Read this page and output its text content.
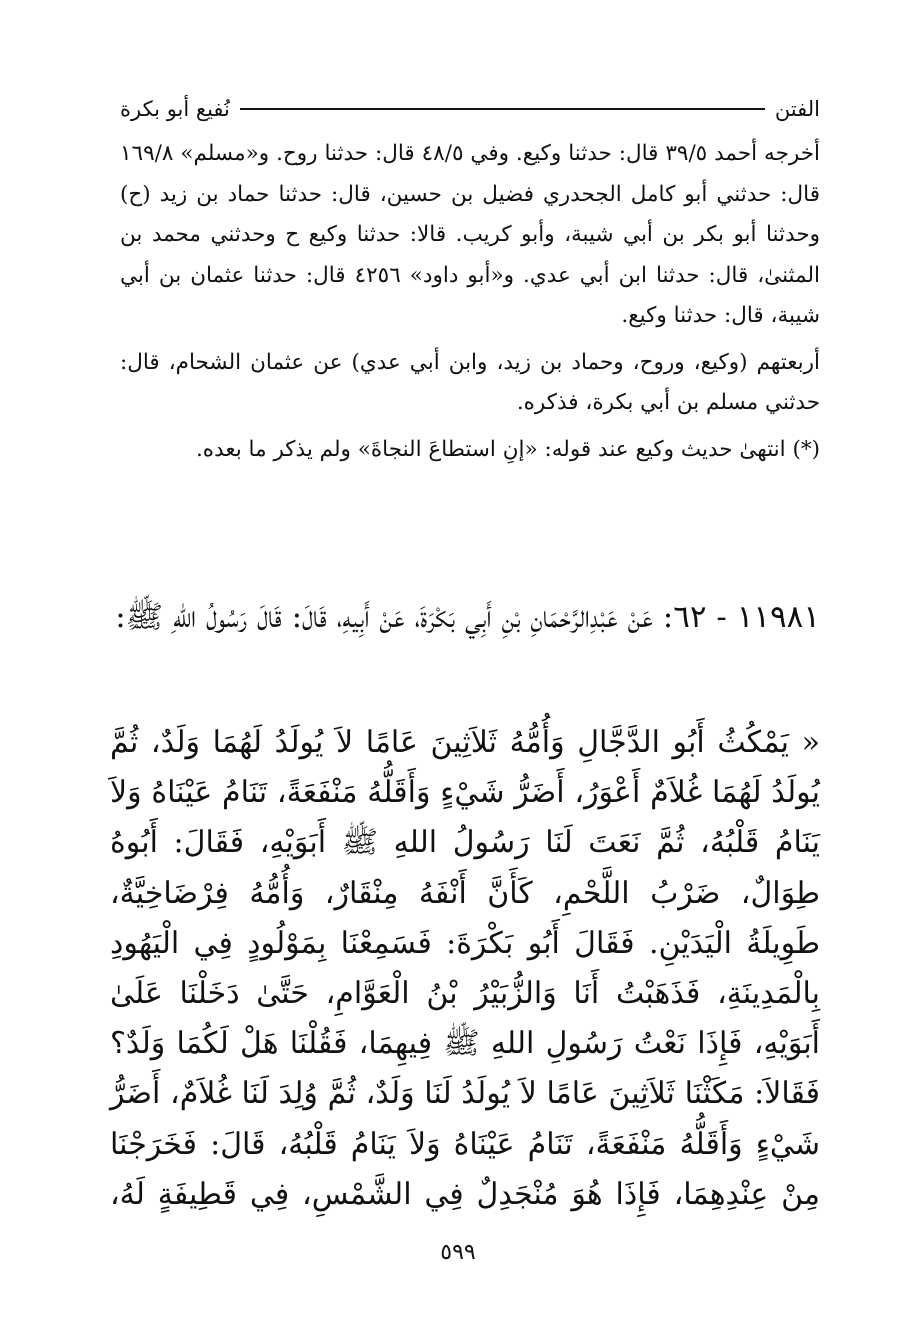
الفتن
نُفيع أبو بكرة

أخرجه أحمد ٣٩/٥ قال: حدثنا وكيع. وفي ٤٨/٥ قال: حدثنا روح. و«مسلم» ١٦٩/٨ قال: حدثني أبو كامل الجحدري فضيل بن حسين، قال: حدثنا حماد بن زيد (ح) وحدثنا أبو بكر بن أبي شيبة، وأبو كريب. قالا: حدثنا وكيع ح وحدثني محمد بن المثنىٰ، قال: حدثنا ابن أبي عدي. و«أبو داود» ٤٢٥٦ قال: حدثنا عثمان بن أبي شيبة، قال: حدثنا وكيع.

أربعتهم (وكيع، وروح، وحماد بن زيد، وابن أبي عدي) عن عثمان الشحام، قال: حدثني مسلم بن أبي بكرة، فذكره.

(*) انتهىٰ حديث وكيع عند قوله: «إنِ استطاعَ النجاةَ» ولم يذكر ما بعده.

١١٩٨١ - ٦٢: عَنْ عَبْدِالرَّحْمَانِ بْنِ أَبِي بَكْرَةَ، عَنْ أَبِيهِ، قَالَ: قَالَ رَسُولُ اللهِ ﷺ:

« يَمْكُثُ أَبُو الدَّجَّالِ وَأُمُّهُ ثَلاَثِينَ عَامًا لاَ يُولَدُ لَهُمَا وَلَدٌ، ثُمَّ يُولَدُ لَهُمَا غُلاَمٌ أَعْوَرُ، أَضَرُّ شَيْءٍ وَأَقَلُّهُ مَنْفَعَةً، تَنَامُ عَيْنَاهُ وَلاَ يَنَامُ قَلْبُهُ، ثُمَّ نَعَتَ لَنَا رَسُولُ اللهِ ﷺ أَبَوَيْهِ، فَقَالَ: أَبُوهُ طِوَالٌ، ضَرْبُ اللَّحْمِ، كَأَنَّ أَنْفَهُ مِنْقَارٌ، وَأُمُّهُ فِرْضَاخِيَّةٌ، طَوِيلَةُ الْيَدَيْنِ. فَقَالَ أَبُو بَكْرَةَ: فَسَمِعْنَا بِمَوْلُودٍ فِي الْيَهُودِ بِالْمَدِينَةِ، فَذَهَبْتُ أَنَا وَالزُّبَيْرُ بْنُ الْعَوَّامِ، حَتَّىٰ دَخَلْنَا عَلَىٰ أَبَوَيْهِ، فَإِذَا نَعْتُ رَسُولِ اللهِ ﷺ فِيهِمَا، فَقُلْنَا هَلْ لَكُمَا وَلَدٌ؟ فَقَالاَ: مَكَثْنَا ثَلاَثِينَ عَامًا لاَ يُولَدُ لَنَا وَلَدٌ، ثُمَّ وُلِدَ لَنَا غُلاَمٌ، أَضَرُّ شَيْءٍ وَأَقَلُّهُ مَنْفَعَةً، تَنَامُ عَيْنَاهُ وَلاَ يَنَامُ قَلْبُهُ، قَالَ: فَخَرَجْنَا مِنْ عِنْدِهِمَا، فَإِذَا هُوَ مُنْجَدِلٌ فِي الشَّمْسِ، فِي قَطِيفَةٍ لَهُ،

٥٩٩
